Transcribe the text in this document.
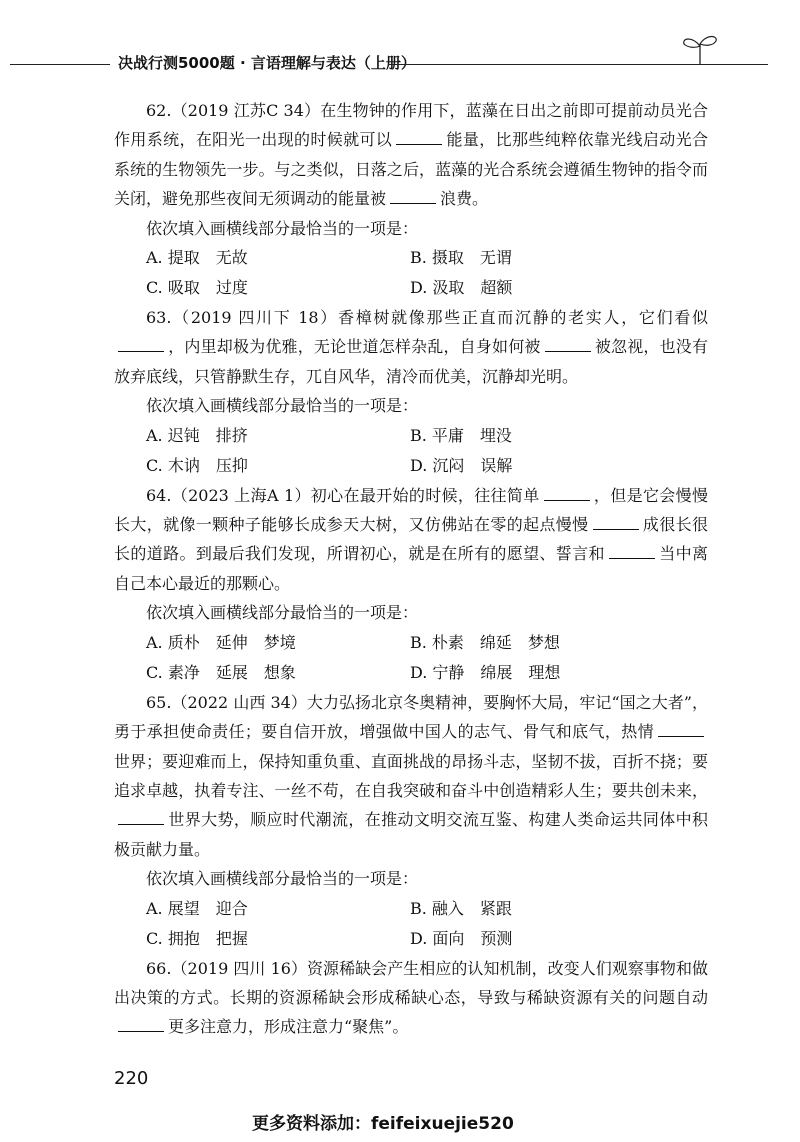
决战行测5000题 · 言语理解与表达（上册）

62.（2019 江苏C 34）在生物钟的作用下，蓝藻在日出之前即可提前动员光合作用系统，在阳光一出现的时候就可以	能量，比那些纯粹依靠光线启动光合系统的生物领先一步。与之类似，日落之后，蓝藻的光合系统会遵循生物钟的指令而关闭，避免那些夜间无须调动的能量被	浪费。

依次填入画横线部分最恰当的一项是：

A. 提取　无故	B. 摄取　无谓
C. 吸取　过度	D. 汲取　超额

63.（2019 四川下 18）香樟树就像那些正直而沉静的老实人，它们看似，内里却极为优雅，无论世道怎样杂乱，自身如何被	被忽视，也没有放弃底线，只管静默生存，兀自风华，清冷而优美，沉静却光明。

依次填入画横线部分最恰当的一项是：

A. 迟钝　排挤	B. 平庸　埋没
C. 木讷　压抑	D. 沉闷　误解

64.（2023 上海A 1）初心在最开始的时候，往往简单	，但是它会慢慢长大，就像一颗种子能够长成参天大树，又仿佛站在零的起点慢慢	成很长很长的道路。到最后我们发现，所谓初心，就是在所有的愿望、誓言和	当中离自己本心最近的那颗心。

依次填入画横线部分最恰当的一项是：

A. 质朴　延伸　梦境	B. 朴素　绵延　梦想
C. 素净　延展　想象	D. 宁静　绵展　理想

65.（2022 山西 34）大力弘扬北京冬奥精神，要胸怀大局，牢记“国之大者”，勇于承担使命责任；要自信开放，增强做中国人的志气、骨气和底气，热情世界；要迎难而上，保持知重负重、直面挑战的昂扬斗志，坚韧不拔，百折不挠；要追求卓越，执着专注、一丝不苟，在自我突破和奋斗中创造精彩人生；要共创未来，世界大势，顺应时代潮流，在推动文明交流互鉴、构建人类命运共同体中积极贡献力量。

依次填入画横线部分最恰当的一项是：

A. 展望　迎合	B. 融入　紧跟
C. 拥抱　把握	D. 面向　预测

66.（2019 四川 16）资源稀缺会产生相应的认知机制，改变人们观察事物和做出决策的方式。长期的资源稀缺会形成稀缺心态，导致与稀缺资源有关的问题自动更多注意力，形成注意力“聚焦”。

220
更多资料添加：feifeixuejie520
